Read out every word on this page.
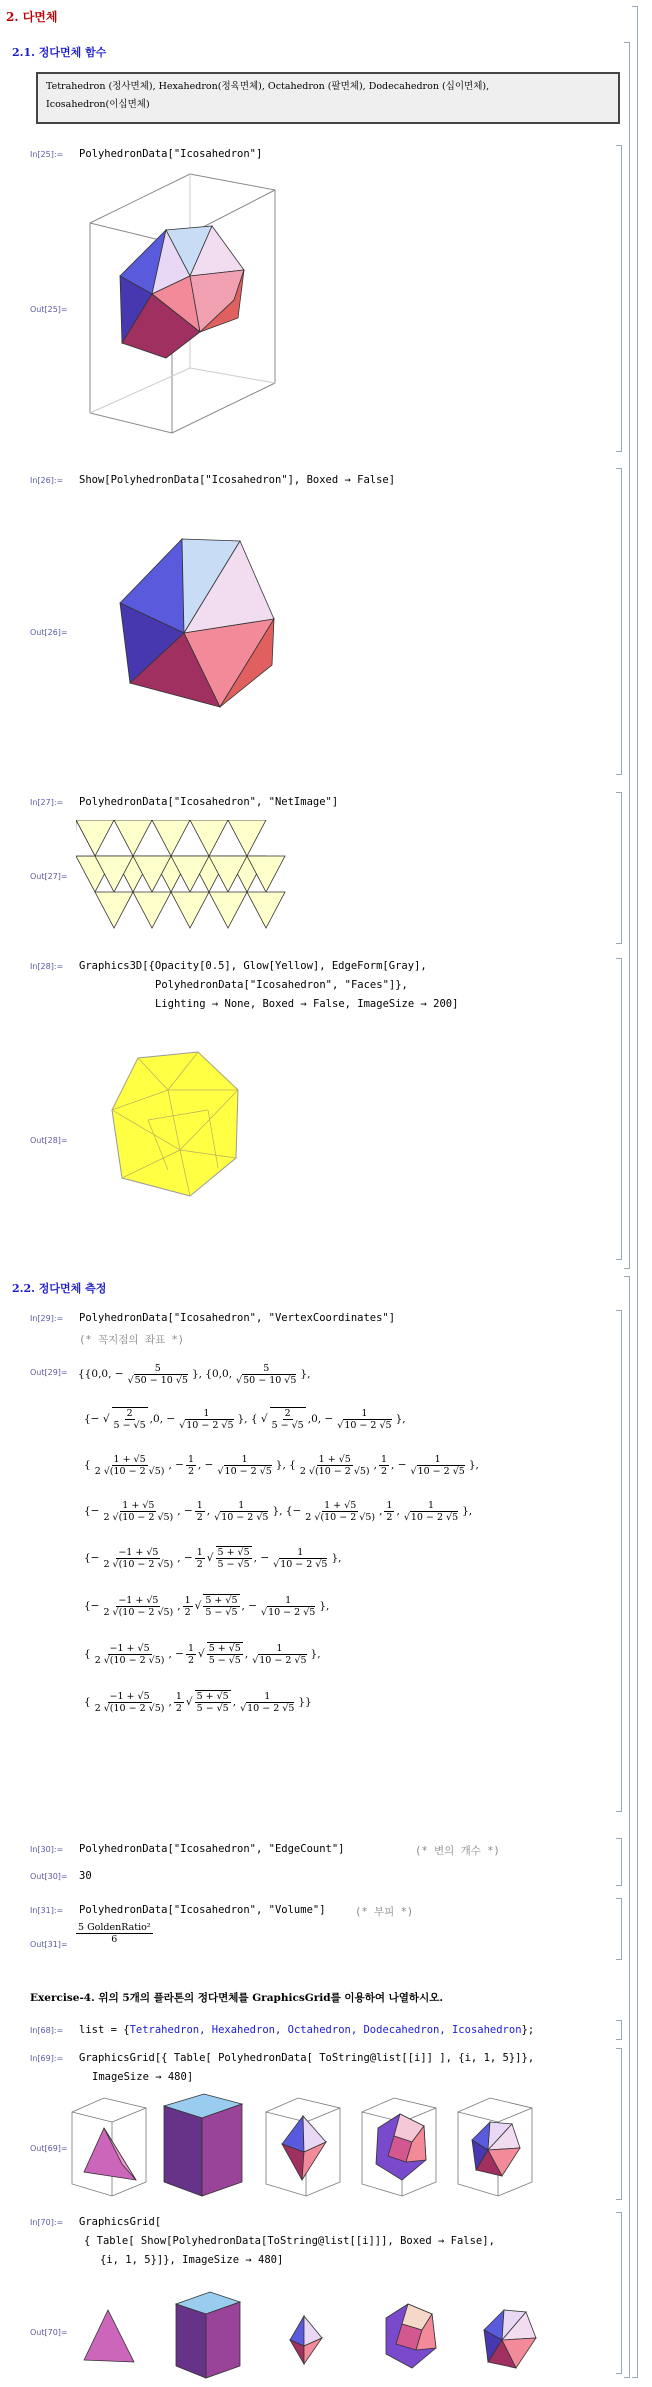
2. 다면체
2.1. 정다면체 함수
Tetrahedron (정사면체), Hexahedron(정육면체), Octahedron (팔면체), Dodecahedron (십이면체),
Icosahedron(이십면체)
In[25]:= PolyhedronData["Icosahedron"]
Out[25]=
In[26]:= Show[PolyhedronData["Icosahedron"], Boxed → False]
Out[26]=
In[27]:= PolyhedronData["Icosahedron", "NetImage"]
Out[27]=
In[28]:= Graphics3D[{Opacity[0.5], Glow[Yellow], EdgeForm[Gray],
PolyhedronData["Icosahedron", "Faces"]},
Lighting → None, Boxed → False, ImageSize → 200]
Out[28]=
2.2. 정다면체 측정
In[29]:= PolyhedronData["Icosahedron", "VertexCoordinates"]
(* 꼭지점의 좌표 *)
Out[29]= {{ 0 , 0 , − $\frac{5}{√50 - 10 √5}$ }, { 0 , 0 , $\frac{5}{√50 - 10 √5}$ },
{− √ $\frac{2}{5 - √5}$ , 0 , − $\frac{1}{√10 - 2 √5}$ }, { √ $\frac{2}{5 - √5}$ , 0 , − $\frac{1}{√10 - 2 √5}$ },
{ $\frac{1 + √5}{2 √(10 - 2 √5)}$ , − $\frac{1}{2}$ , − $\frac{1}{√10 - 2 √5}$ }, { $\frac{1 + √5}{2 √(10 - 2 √5)}$ , $\frac{1}{2}$ , − $\frac{1}{√10 - 2 √5}$ },
{− $\frac{1 + √5}{2 √(10 - 2 √5)}$ , − $\frac{1}{2}$ , $\frac{1}{√10 - 2 √5}$ }, {− $\frac{1 + √5}{2 √(10 - 2 √5)}$ , $\frac{1}{2}$ , $\frac{1}{√10 - 2 √5}$ },
{− $\frac{-1 + √5}{2 √(10 - 2 √5)}$ , − $\frac{1}{2}$ √ $\frac{5 + √5}{5 - √5}$ , − $\frac{1}{√10 - 2 √5}$ },
{− $\frac{-1 + √5}{2 √(10 - 2 √5)}$ , $\frac{1}{2}$ √ $\frac{5 + √5}{5 - √5}$ , − $\frac{1}{√10 - 2 √5}$ },
{ $\frac{-1 + √5}{2 √(10 - 2 √5)}$ , − $\frac{1}{2}$ √ $\frac{5 + √5}{5 - √5}$ , $\frac{1}{√10 - 2 √5}$ },
{ $\frac{-1 + √5}{2 √(10 - 2 √5)}$ , $\frac{1}{2}$ √ $\frac{5 + √5}{5 - √5}$ , $\frac{1}{√10 - 2 √5}$ }}
In[30]:= PolyhedronData["Icosahedron", "EdgeCount"]	(* 변의 개수 *)
Out[30]= 30
In[31]:= PolyhedronData["Icosahedron", "Volume"]	(* 부피 *)
$Out[31]= \frac{\text{5 GoldenRatio²}}{6}$
Exercise-4. 위의 5개의 플라톤의 정다면체를 GraphicsGrid를 이용하여 나열하시오.
In[68]:= list = {Tetrahedron, Hexahedron, Octahedron, Dodecahedron, Icosahedron};
In[69]:= GraphicsGrid[{ Table[ PolyhedronData[ ToString@list[[i]] ], {i, 1, 5}]},
ImageSize → 480]
Out[69]=
In[70]:= GraphicsGrid[
{ Table[ Show[PolyhedronData[ToString@list[[i]]], Boxed → False],
{i, 1, 5}]}, ImageSize → 480]
Out[70]=
